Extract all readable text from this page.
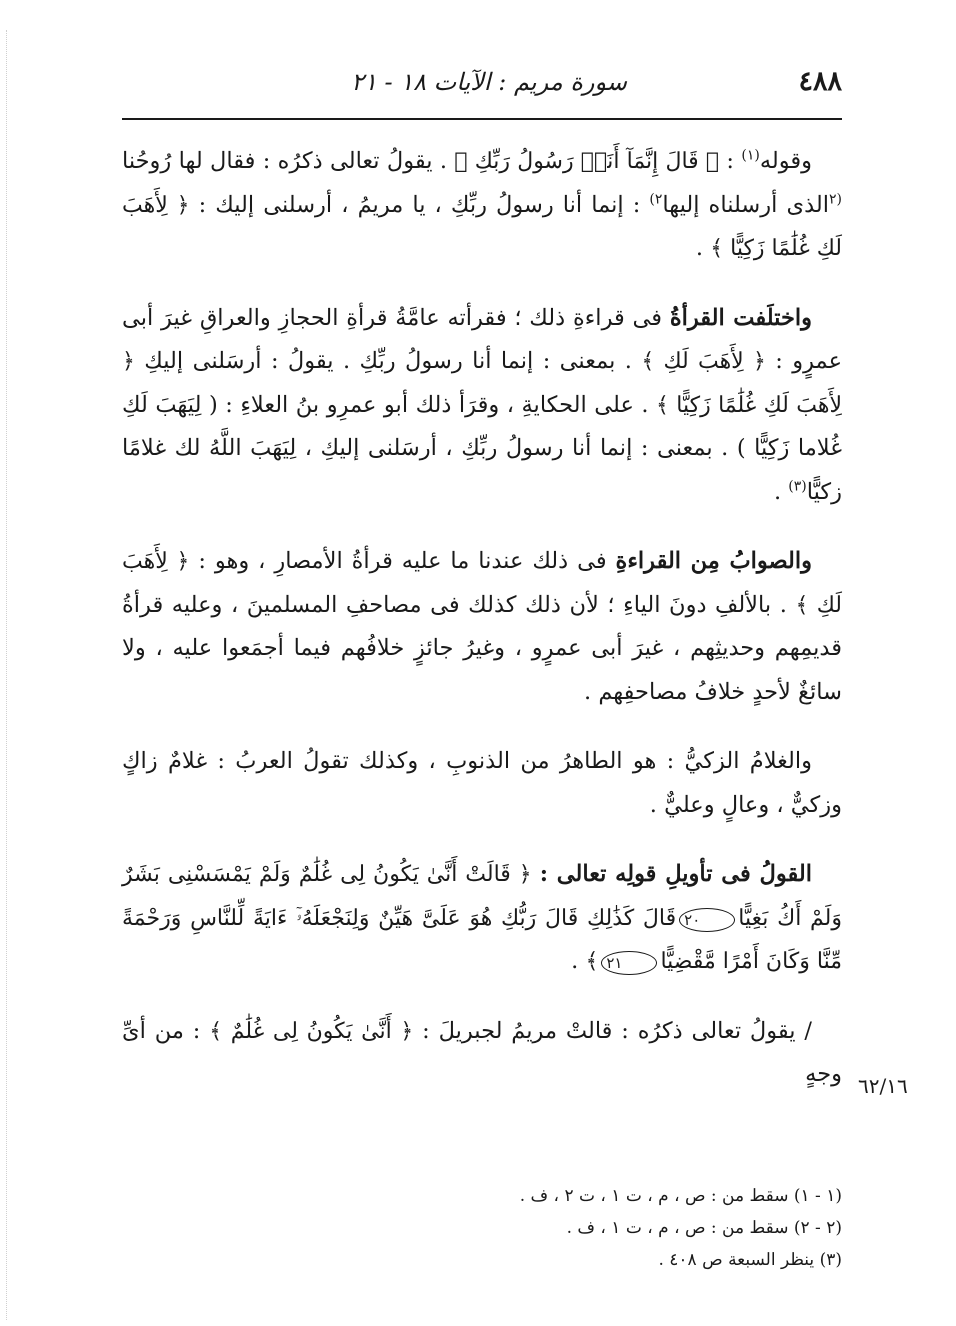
٤٨٨
سورة مريم : الآيات ١٨ - ٢١

وقوله$^{(١)}$ : ﴿ قَالَ إِنَّمَآ أَنَا۠ رَسُولُ رَبِّكِ ﴾ . يقولُ تعالى ذكرُه : فقال لها رُوحُنا $^{(٢}$الذى أرسلناه إليها$^{٢)}$ : إنما أنا رسولُ ربِّكِ ، يا مريمُ ، أرسلنى إليك : ﴿ لِأَهَبَ لَكِ غُلَٰمًا زَكِيًّا ﴾ .

واختلَفت القرأةُ فى قراءةِ ذلك ؛ فقرأته عامَّةُ قرأةِ الحجازِ والعراقِ غيرَ أبى عمرٍو : ﴿ لِأَهَبَ لَكِ ﴾ . بمعنى : إنما أنا رسولُ ربِّكِ . يقولُ : أرسَلنى إليكِ ﴿ لِأَهَبَ لَكِ غُلَٰمًا زَكِيًّا ﴾ . على الحكايةِ ، وقرَأ ذلك أبو عمرِو بنُ العلاءِ : ( لِيَهَبَ لَكِ غُلاما زَكِيًّا ) . بمعنى : إنما أنا رسولُ ربِّكِ ، أرسَلنى إليكِ ، لِيَهَبَ اللَّهُ لك غلامًا زكيًّا$^{(٣)}$ .

والصوابُ مِن القراءةِ فى ذلك عندنا ما عليه قرأةُ الأمصارِ ، وهو : ﴿ لِأَهَبَ لَكِ ﴾ . بالألفِ دونَ الياءِ ؛ لأن ذلك كذلك فى مصاحفِ المسلمينَ ، وعليه قرأةُ قديمِهم وحديثِهم ، غيرَ أبى عمرٍو ، وغيرُ جائزٍ خلافُهم فيما أجمَعوا عليه ، ولا سائغٌ لأحدٍ خلافُ مصاحفِهم .

والغلامُ الزكيُّ : هو الطاهرُ من الذنوبِ ، وكذلك تقولُ العربُ : غلامٌ زاكٍ وزكيٌّ ، وعالٍ وعليٌّ .

القولُ فى تأويلِ قولِه تعالى : ﴿ قَالَتْ أَنَّىٰ يَكُونُ لِى غُلَٰمٌ وَلَمْ يَمْسَسْنِى بَشَرٌ وَلَمْ أَكُ بَغِيًّا٢٠قَالَ كَذَٰلِكِ قَالَ رَبُّكِ هُوَ عَلَىَّ هَيِّنٌ وَلِنَجْعَلَهُۥٓ ءَايَةً لِّلنَّاسِ وَرَحْمَةً مِّنَّا وَكَانَ أَمْرًا مَّقْضِيًّا٢١﴾ .

/ يقولُ تعالى ذكرُه : قالتْ مريمُ لجبريلَ : ﴿ أَنَّىٰ يَكُونُ لِى غُلَٰمٌ ﴾ : من أىِّ وجهٍ ٦٢/١٦
(١ - ١) سقط من : ص ، م ، ت ١ ، ت ٢ ، ف .
(٢ - ٢) سقط من : ص ، م ، ت ١ ، ف .
(٣) ينظر السبعة ص ٤٠٨ .
